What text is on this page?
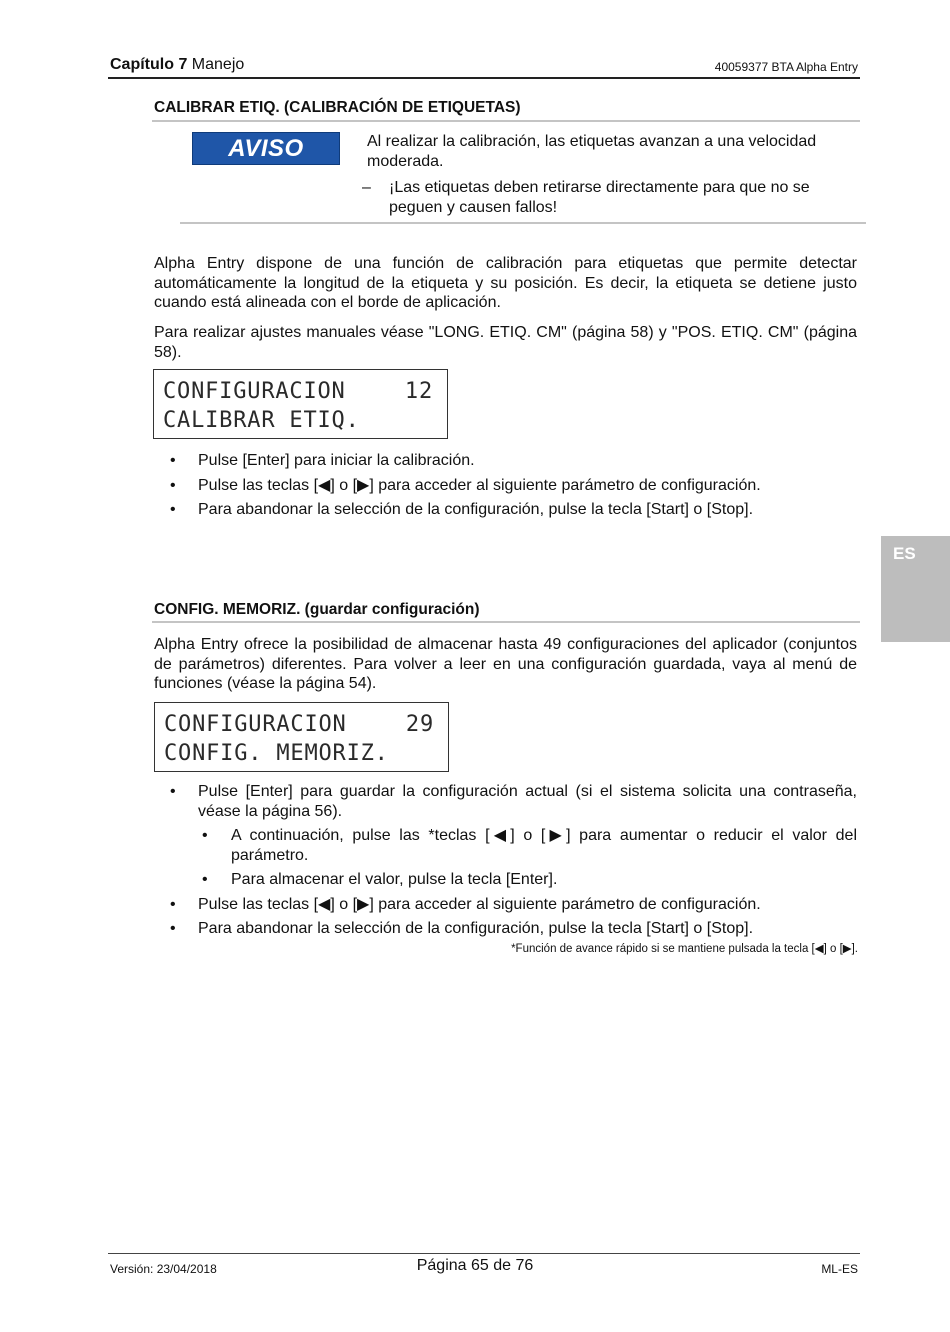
Capítulo 7 Manejo	40059377 BTA Alpha Entry
CALIBRAR ETIQ. (CALIBRACIÓN DE ETIQUETAS)
AVISO	Al realizar la calibración, las etiquetas avanzan a una velocidad moderada.
–	¡Las etiquetas deben retirarse directamente para que no se peguen y causen fallos!
Alpha Entry dispone de una función de calibración para etiquetas que permite detectar automáticamente la longitud de la etiqueta y su posición. Es decir, la etiqueta se detiene justo cuando está alineada con el borde de aplicación.
Para realizar ajustes manuales véase "LONG. ETIQ. CM" (página 58) y "POS. ETIQ. CM" (página 58).
CONFIGURACION	12
CALIBRAR ETIQ.
•	Pulse [Enter] para iniciar la calibración.
•	Pulse las teclas [◀] o [▶] para acceder al siguiente parámetro de configuración.
•	Para abandonar la selección de la configuración, pulse la tecla [Start] o [Stop].
ES
CONFIG. MEMORIZ. (guardar configuración)
Alpha Entry ofrece la posibilidad de almacenar hasta 49 configuraciones del aplicador (conjuntos de parámetros) diferentes. Para volver a leer en una configuración guardada, vaya al menú de funciones (véase la página 54).
CONFIGURACION	29
CONFIG. MEMORIZ.
•	Pulse [Enter] para guardar la configuración actual (si el sistema solicita una contraseña, véase la página 56).
•	A continuación, pulse las *teclas [◀] o [▶] para aumentar o reducir el valor del parámetro.
•	Para almacenar el valor, pulse la tecla [Enter].
•	Pulse las teclas [◀] o [▶] para acceder al siguiente parámetro de configuración.
•	Para abandonar la selección de la configuración, pulse la tecla [Start] o [Stop].
*Función de avance rápido si se mantiene pulsada la tecla [◀] o [▶].
Versión: 23/04/2018	Página 65 de 76	ML-ES
